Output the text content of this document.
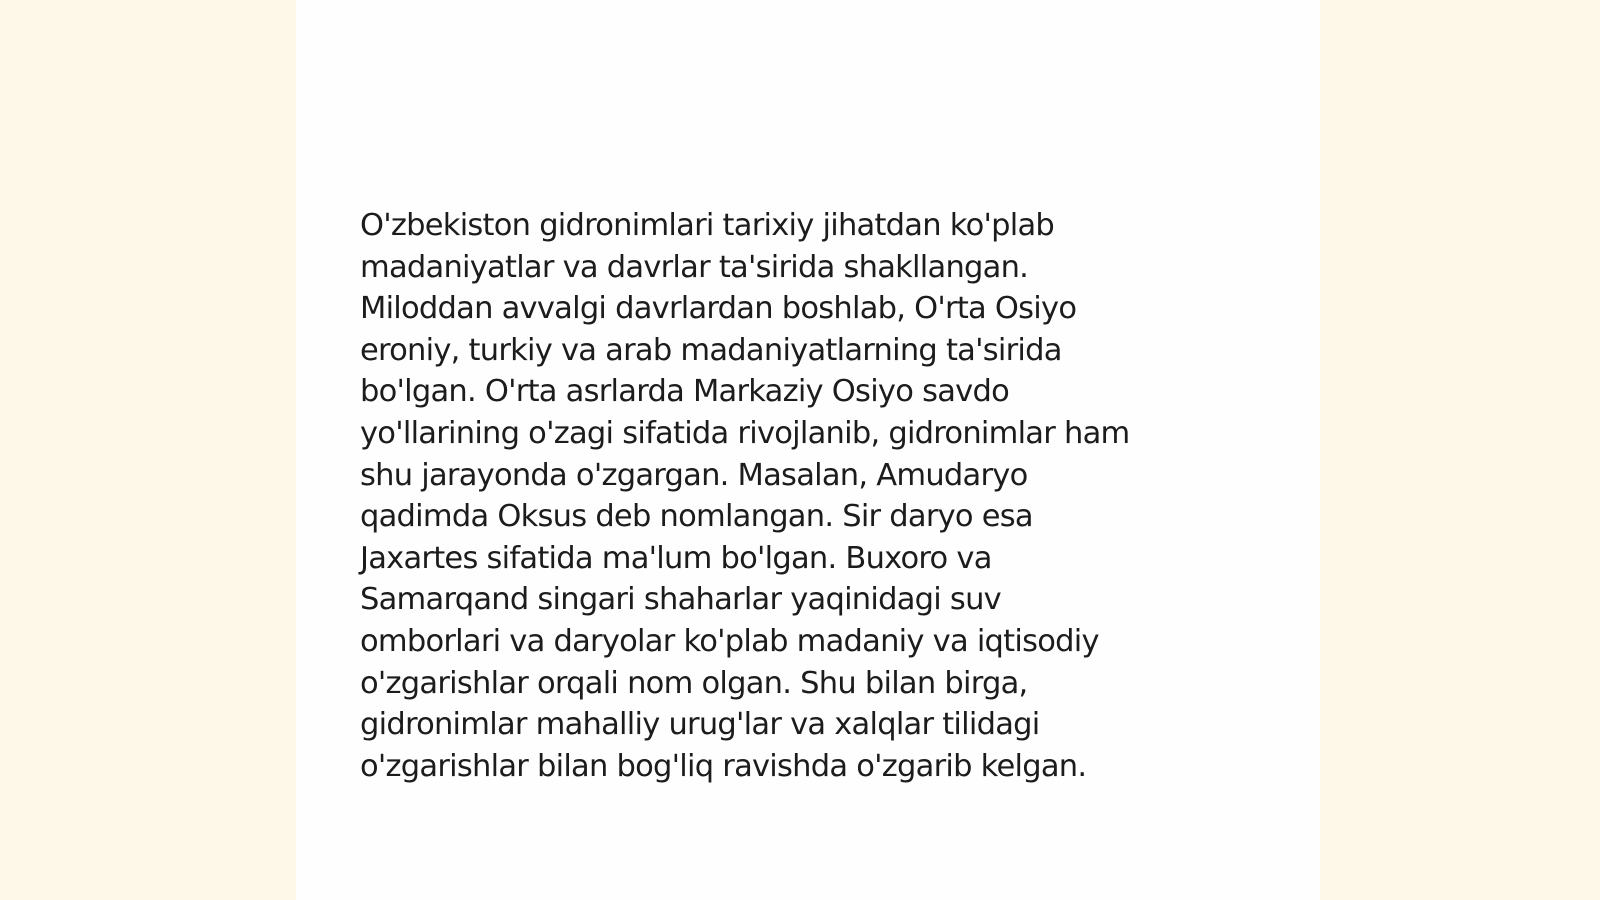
O'zbekiston gidronimlari tarixiy jihatdan ko'plab
madaniyatlar va davrlar ta'sirida shakllangan.
Miloddan avvalgi davrlardan boshlab, O'rta Osiyo
eroniy, turkiy va arab madaniyatlarning ta'sirida
bo'lgan. O'rta asrlarda Markaziy Osiyo savdo
yo'llarining o'zagi sifatida rivojlanib, gidronimlar ham
shu jarayonda o'zgargan. Masalan, Amudaryo
qadimda Oksus deb nomlangan. Sir daryo esa
Jaxartes sifatida ma'lum bo'lgan. Buxoro va
Samarqand singari shaharlar yaqinidagi suv
omborlari va daryolar ko'plab madaniy va iqtisodiy
o'zgarishlar orqali nom olgan. Shu bilan birga,
gidronimlar mahalliy urug'lar va xalqlar tilidagi
o'zgarishlar bilan bog'liq ravishda o'zgarib kelgan.
